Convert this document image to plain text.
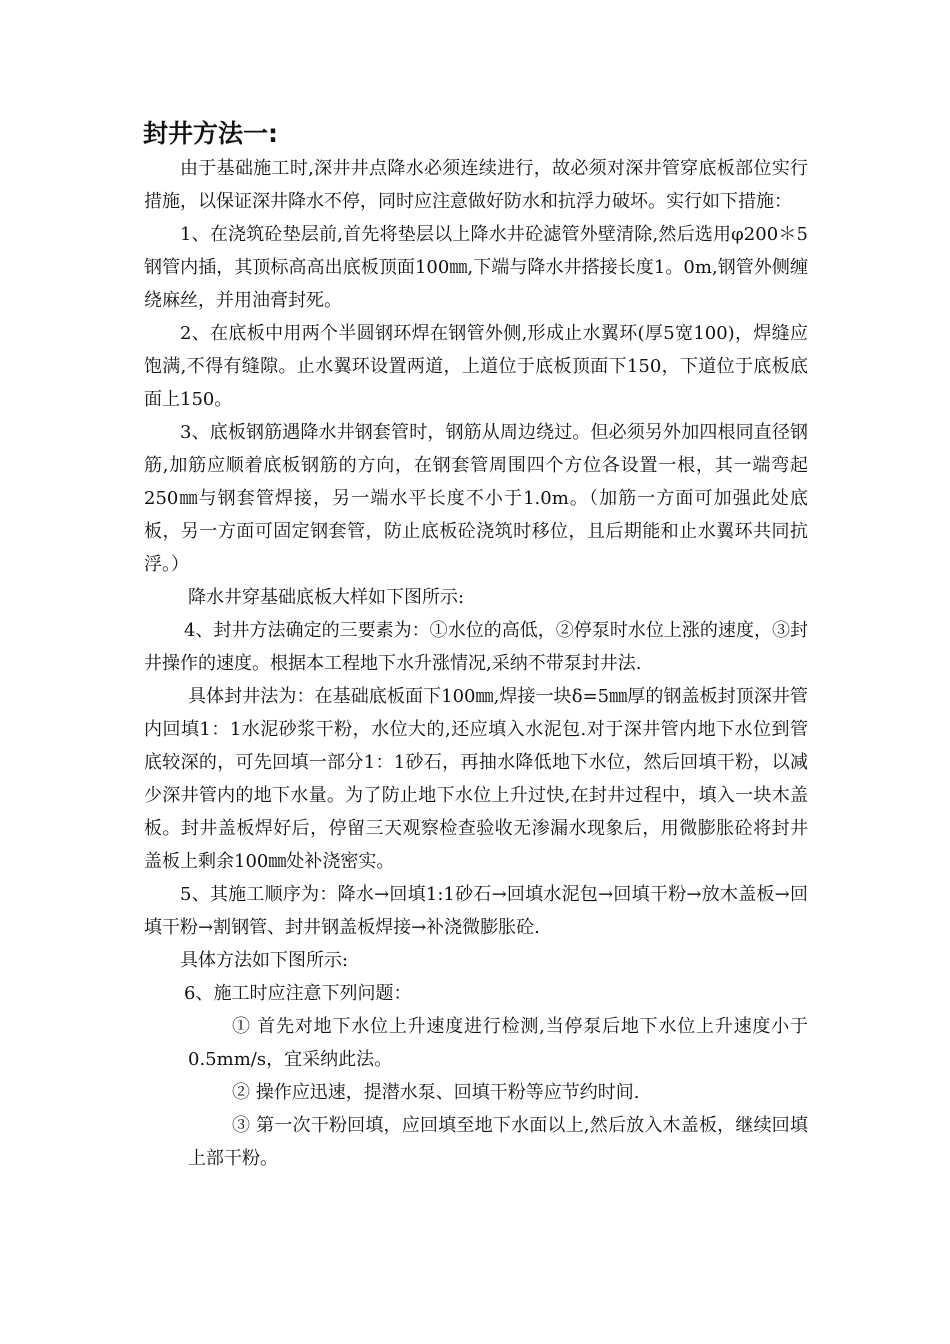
封井方法一:

由于基础施工时,深井井点降水必须连续进行，故必须对深井管穿底板部位实行措施，以保证深井降水不停，同时应注意做好防水和抗浮力破坏。实行如下措施：

1、在浇筑砼垫层前,首先将垫层以上降水井砼滤管外壁清除,然后选用φ200＊5钢管内插，其顶标高高出底板顶面100㎜,下端与降水井搭接长度1。0m,钢管外侧缠绕麻丝，并用油膏封死。

2、在底板中用两个半圆钢环焊在钢管外侧,形成止水翼环(厚5宽100)，焊缝应饱满,不得有缝隙。止水翼环设置两道，上道位于底板顶面下150，下道位于底板底面上150。

3、底板钢筋遇降水井钢套管时，钢筋从周边绕过。但必须另外加四根同直径钢筋,加筋应顺着底板钢筋的方向，在钢套管周围四个方位各设置一根，其一端弯起250㎜与钢套管焊接，另一端水平长度不小于1.0m。（加筋一方面可加强此处底板，另一方面可固定钢套管，防止底板砼浇筑时移位，且后期能和止水翼环共同抗浮。）

降水井穿基础底板大样如下图所示:

4、封井方法确定的三要素为：①水位的高低，②停泵时水位上涨的速度，③封井操作的速度。根据本工程地下水升涨情况,采纳不带泵封井法.

具体封井法为：在基础底板面下100㎜,焊接一块δ=5㎜厚的钢盖板封顶深井管内回填1：1水泥砂浆干粉，水位大的,还应填入水泥包.对于深井管内地下水位到管底较深的，可先回填一部分1：1砂石，再抽水降低地下水位，然后回填干粉，以减少深井管内的地下水量。为了防止地下水位上升过快,在封井过程中，填入一块木盖板。封井盖板焊好后，停留三天观察检查验收无渗漏水现象后，用微膨胀砼将封井盖板上剩余100㎜处补浇密实。

5、其施工顺序为：降水→回填1:1砂石→回填水泥包→回填干粉→放木盖板→回填干粉→割钢管、封井钢盖板焊接→补浇微膨胀砼.

具体方法如下图所示:

6、施工时应注意下列问题：

① 首先对地下水位上升速度进行检测,当停泵后地下水位上升速度小于0.5mm/s，宜采纳此法。

② 操作应迅速，提潜水泵、回填干粉等应节约时间.

③ 第一次干粉回填，应回填至地下水面以上,然后放入木盖板，继续回填上部干粉。
